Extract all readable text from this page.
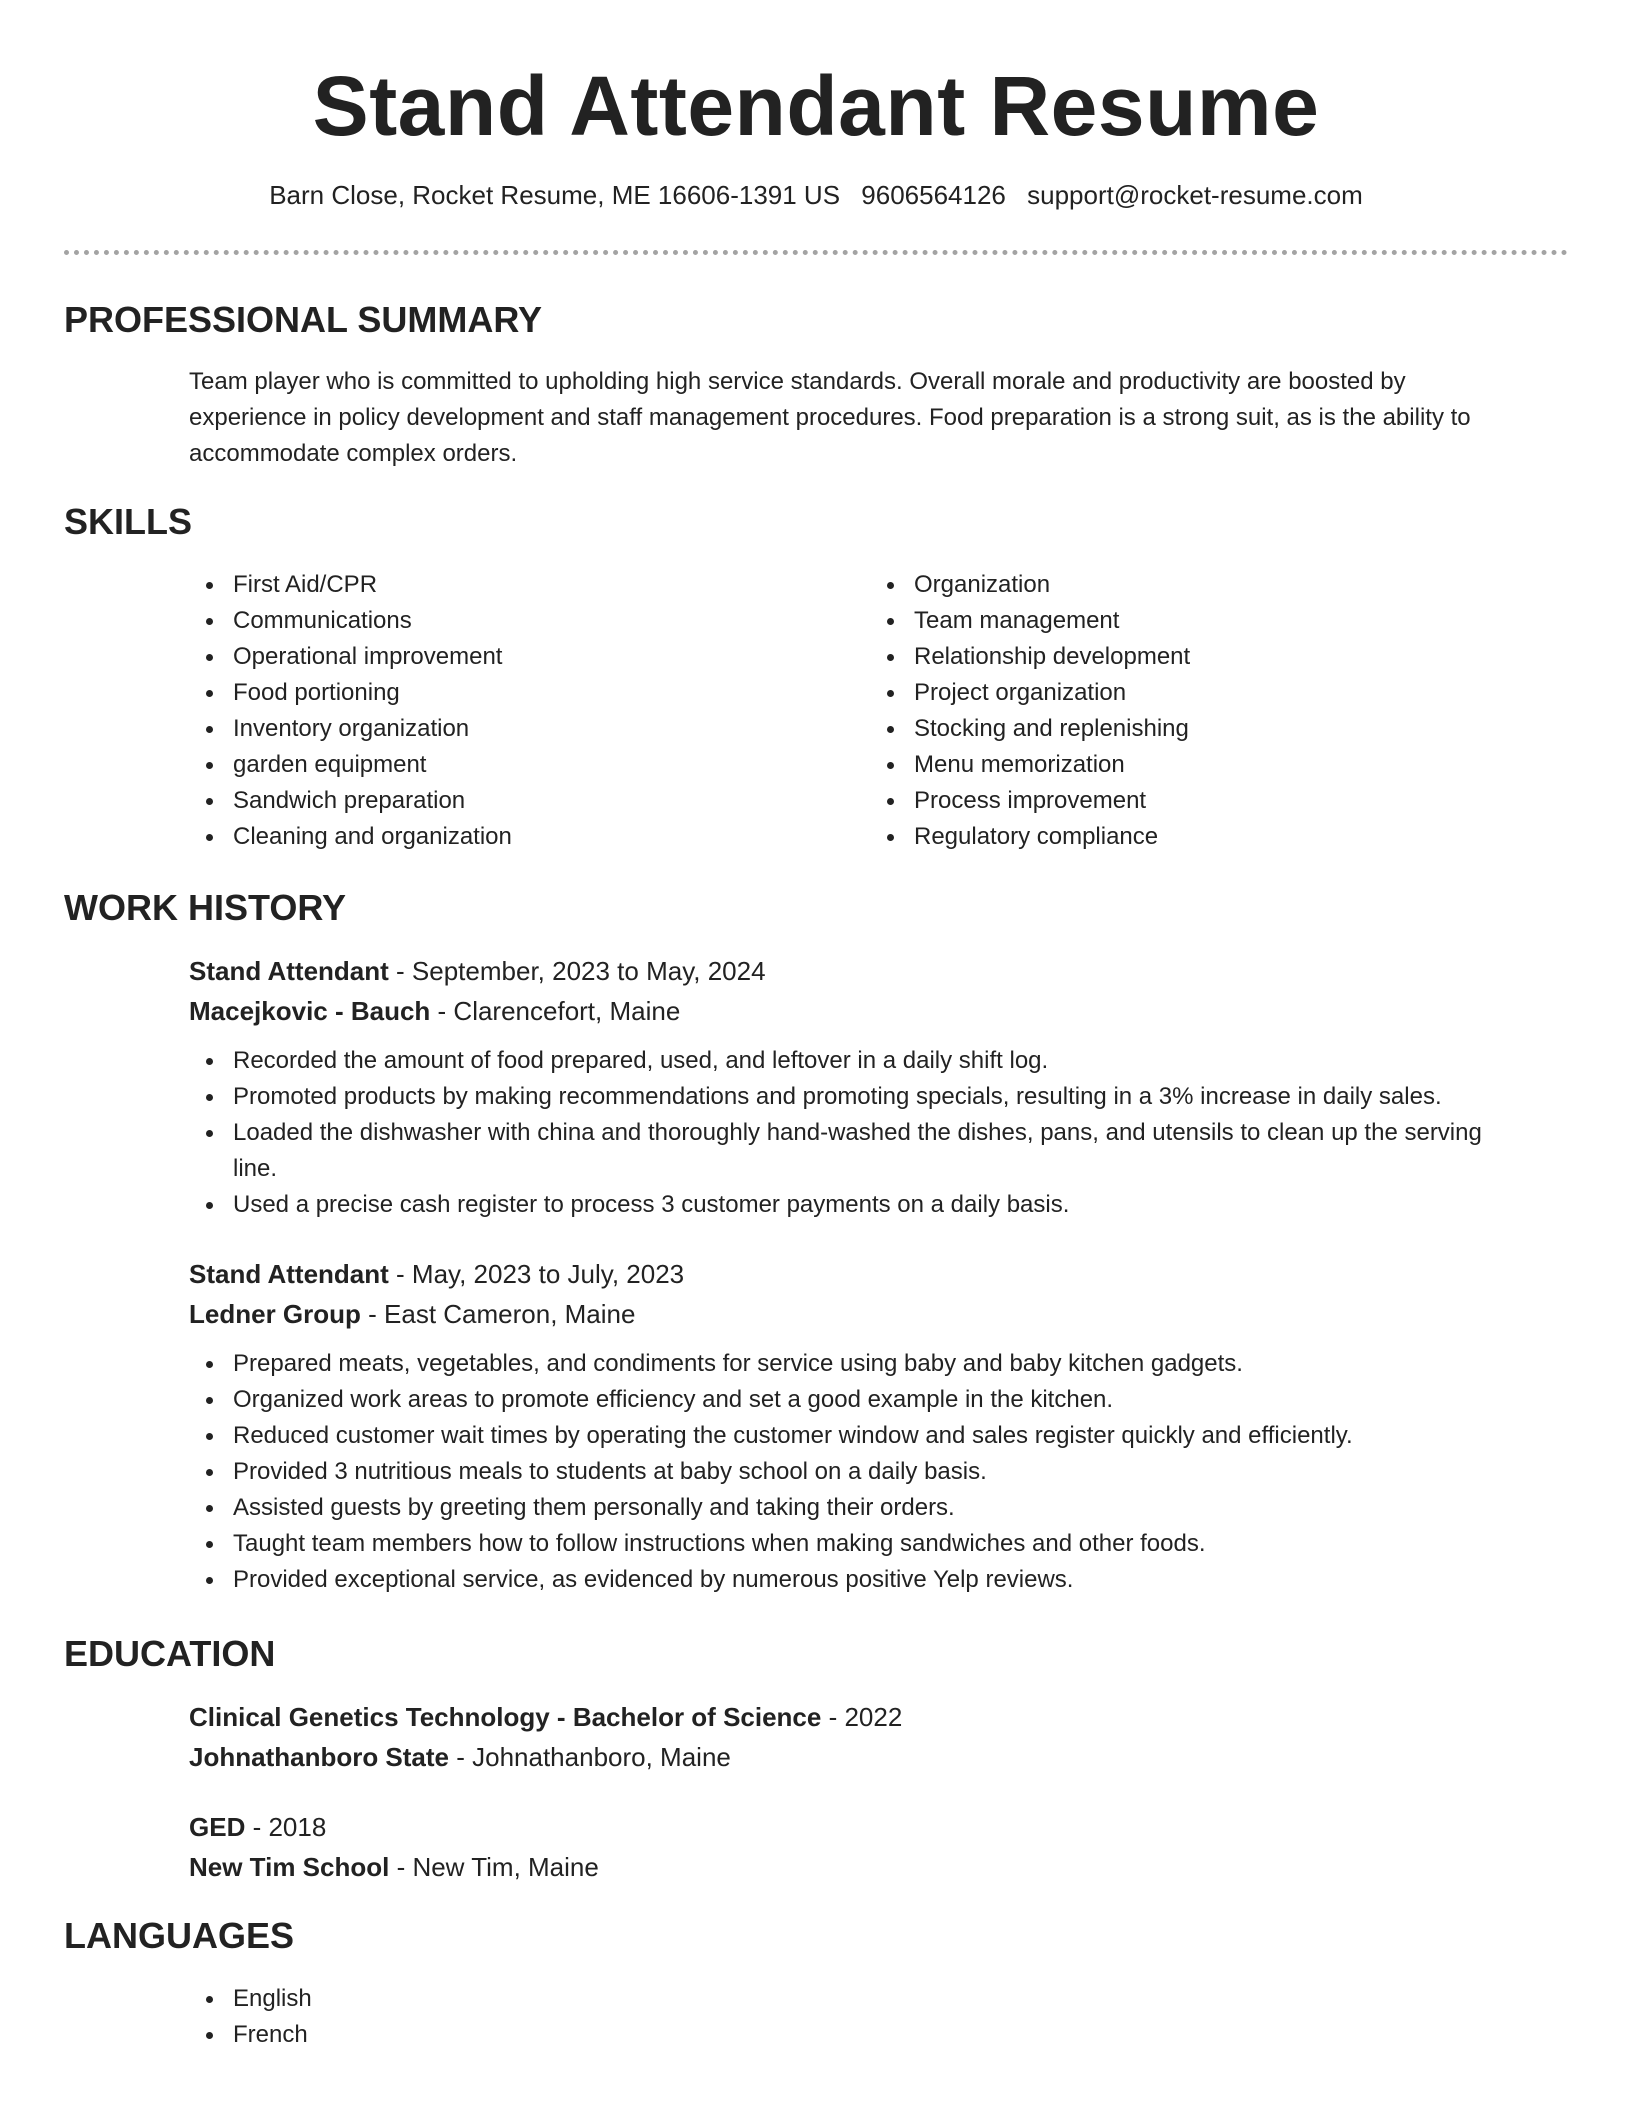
Stand Attendant Resume
Barn Close, Rocket Resume, ME 16606-1391 US 9606564126 support@rocket-resume.com
PROFESSIONAL SUMMARY

Team player who is committed to upholding high service standards. Overall morale and productivity are boosted by experience in policy development and staff management procedures. Food preparation is a strong suit, as is the ability to accommodate complex orders.

SKILLS
First Aid/CPR
Communications
Operational improvement
Food portioning
Inventory organization
garden equipment
Sandwich preparation
Cleaning and organization
Organization
Team management
Relationship development
Project organization
Stocking and replenishing
Menu memorization
Process improvement
Regulatory compliance
WORK HISTORY

Stand Attendant - September, 2023 to May, 2024

Macejkovic - Bauch - Clarencefort, Maine

Recorded the amount of food prepared, used, and leftover in a daily shift log.
Promoted products by making recommendations and promoting specials, resulting in a 3% increase in daily sales.
Loaded the dishwasher with china and thoroughly hand-washed the dishes, pans, and utensils to clean up the serving line.
Used a precise cash register to process 3 customer payments on a daily basis.

Stand Attendant - May, 2023 to July, 2023

Ledner Group - East Cameron, Maine

Prepared meats, vegetables, and condiments for service using baby and baby kitchen gadgets.
Organized work areas to promote efficiency and set a good example in the kitchen.
Reduced customer wait times by operating the customer window and sales register quickly and efficiently.
Provided 3 nutritious meals to students at baby school on a daily basis.
Assisted guests by greeting them personally and taking their orders.
Taught team members how to follow instructions when making sandwiches and other foods.
Provided exceptional service, as evidenced by numerous positive Yelp reviews.
EDUCATION

Clinical Genetics Technology - Bachelor of Science - 2022

Johnathanboro State - Johnathanboro, Maine

GED - 2018

New Tim School - New Tim, Maine

LANGUAGES
English
French
